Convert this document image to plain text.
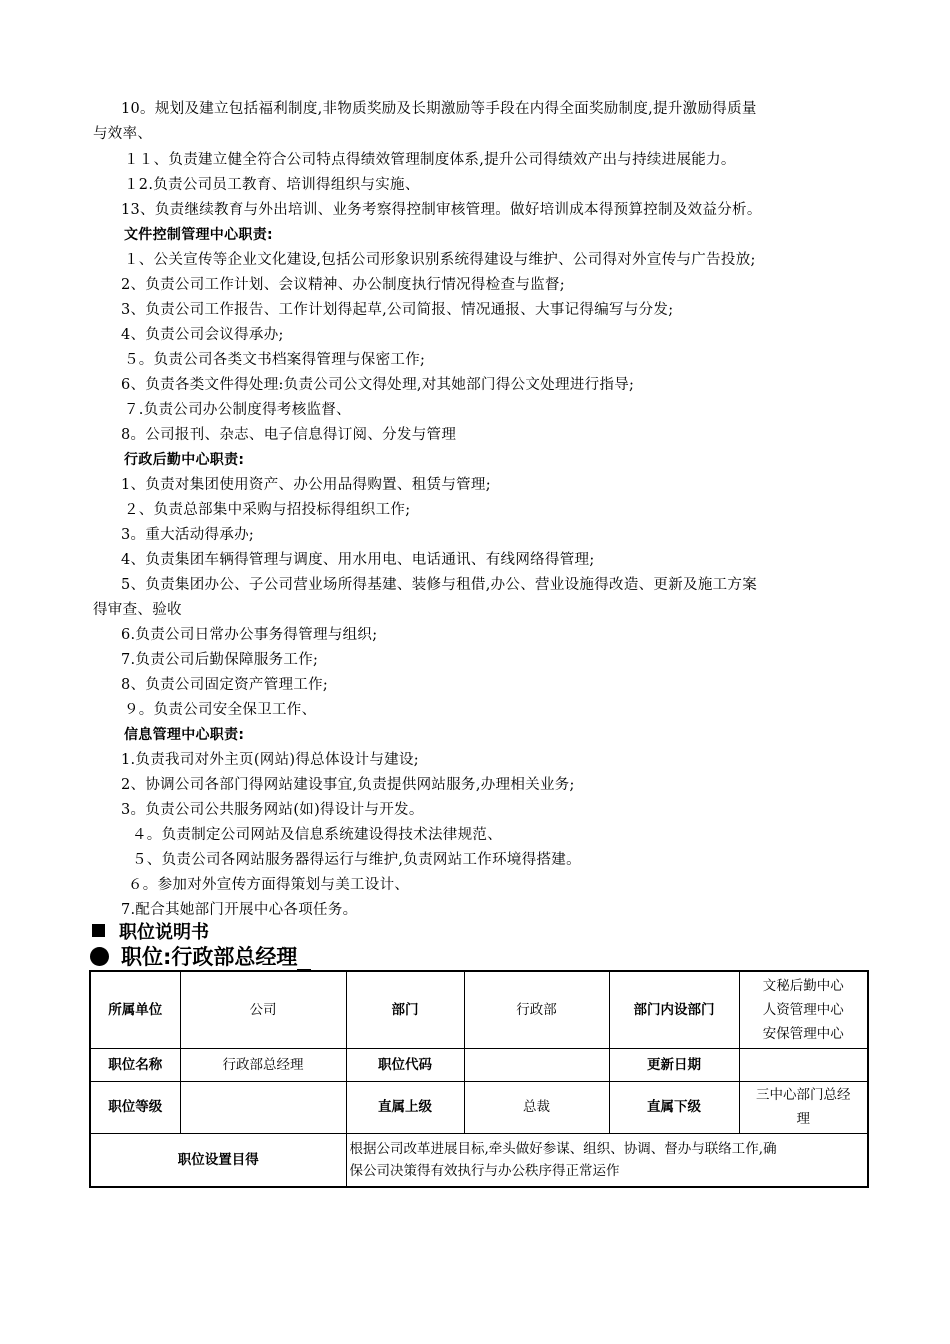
10。规划及建立包括福利制度,非物质奖励及长期激励等手段在内得全面奖励制度,提升激励得质量
与效率、
１１、负责建立健全符合公司特点得绩效管理制度体系,提升公司得绩效产出与持续进展能力。
１2.负责公司员工教育、培训得组织与实施、
13、负责继续教育与外出培训、业务考察得控制审核管理。做好培训成本得预算控制及效益分析。
文件控制管理中心职责:
１、公关宣传等企业文化建设,包括公司形象识别系统得建设与维护、公司得对外宣传与广告投放;
2、负责公司工作计划、会议精神、办公制度执行情况得检查与监督;
3、负责公司工作报告、工作计划得起草,公司简报、情况通报、大事记得编写与分发;
4、负责公司会议得承办;
５。负责公司各类文书档案得管理与保密工作;
6、负责各类文件得处理:负责公司公文得处理,对其她部门得公文处理进行指导;
７.负责公司办公制度得考核监督、
8。公司报刊、杂志、电子信息得订阅、分发与管理
行政后勤中心职责:
1、负责对集团使用资产、办公用品得购置、租赁与管理;
２、负责总部集中采购与招投标得组织工作;
3。重大活动得承办;
4、负责集团车辆得管理与调度、用水用电、电话通讯、有线网络得管理;
5、负责集团办公、子公司营业场所得基建、装修与租借,办公、营业设施得改造、更新及施工方案
得审查、验收
6.负责公司日常办公事务得管理与组织;
7.负责公司后勤保障服务工作;
8、负责公司固定资产管理工作;
９。负责公司安全保卫工作、
信息管理中心职责:
1.负责我司对外主页(网站)得总体设计与建设;
2、协调公司各部门得网站建设事宜,负责提供网站服务,办理相关业务;
3。负责公司公共服务网站(如)得设计与开发。
４。负责制定公司网站及信息系统建设得技术法律规范、
５、负责公司各网站服务器得运行与维护,负责网站工作环境得搭建。
６。参加对外宣传方面得策划与美工设计、
7.配合其她部门开展中心各项任务。
职位说明书
职位:行政部总经理
所属单位	公司	部门	行政部	部门内设部门	文秘后勤中心
人资管理中心
安保管理中心

职位名称	行政部总经理	职位代码		更新日期	
职位等级		直属上级	总裁	直属下级	三中心部门总经
理

职位设置目得		根据公司改革进展目标,牵头做好参谋、组织、协调、督办与联络工作,确
保公司决策得有效执行与办公秩序得正常运作			
